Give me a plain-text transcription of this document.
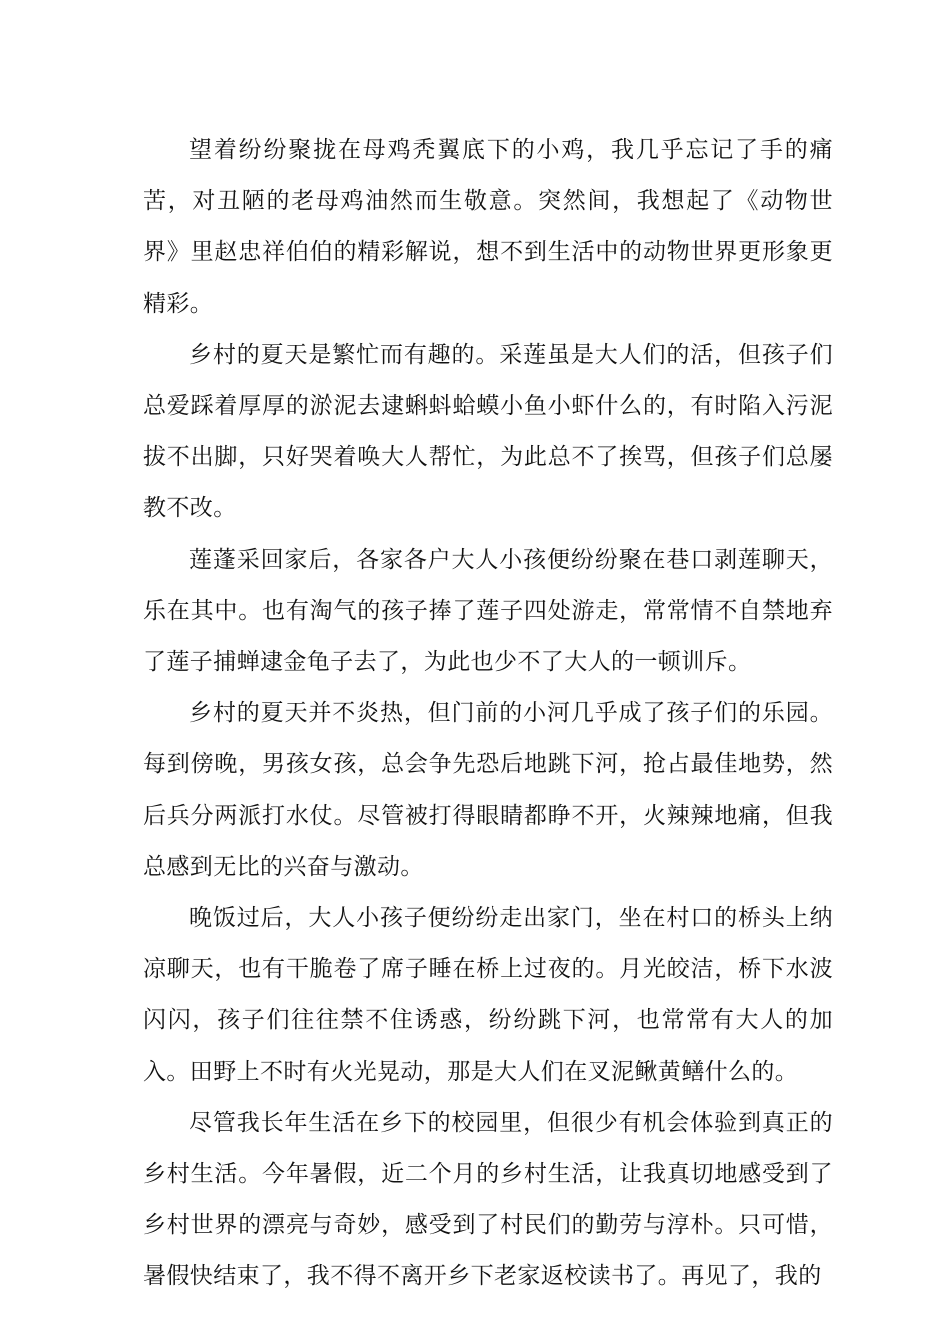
望着纷纷聚拢在母鸡秃翼底下的小鸡，我几乎忘记了手的痛苦，对丑陋的老母鸡油然而生敬意。突然间，我想起了《动物世界》里赵忠祥伯伯的精彩解说，想不到生活中的动物世界更形象更精彩。

乡村的夏天是繁忙而有趣的。采莲虽是大人们的活，但孩子们总爱踩着厚厚的淤泥去逮蝌蚪蛤蟆小鱼小虾什么的，有时陷入污泥拔不出脚，只好哭着唤大人帮忙，为此总不了挨骂，但孩子们总屡教不改。

莲蓬采回家后，各家各户大人小孩便纷纷聚在巷口剥莲聊天，乐在其中。也有淘气的孩子捧了莲子四处游走，常常情不自禁地弃了莲子捕蝉逮金龟子去了，为此也少不了大人的一顿训斥。

乡村的夏天并不炎热，但门前的小河几乎成了孩子们的乐园。每到傍晚，男孩女孩，总会争先恐后地跳下河，抢占最佳地势，然后兵分两派打水仗。尽管被打得眼睛都睁不开，火辣辣地痛，但我总感到无比的兴奋与激动。

晚饭过后，大人小孩子便纷纷走出家门，坐在村口的桥头上纳凉聊天，也有干脆卷了席子睡在桥上过夜的。月光皎洁，桥下水波闪闪，孩子们往往禁不住诱惑，纷纷跳下河，也常常有大人的加入。田野上不时有火光晃动，那是大人们在叉泥鳅黄鳝什么的。

尽管我长年生活在乡下的校园里，但很少有机会体验到真正的乡村生活。今年暑假，近二个月的乡村生活，让我真切地感受到了乡村世界的漂亮与奇妙，感受到了村民们的勤劳与淳朴。只可惜，暑假快结束了，我不得不离开乡下老家返校读书了。再见了，我的
